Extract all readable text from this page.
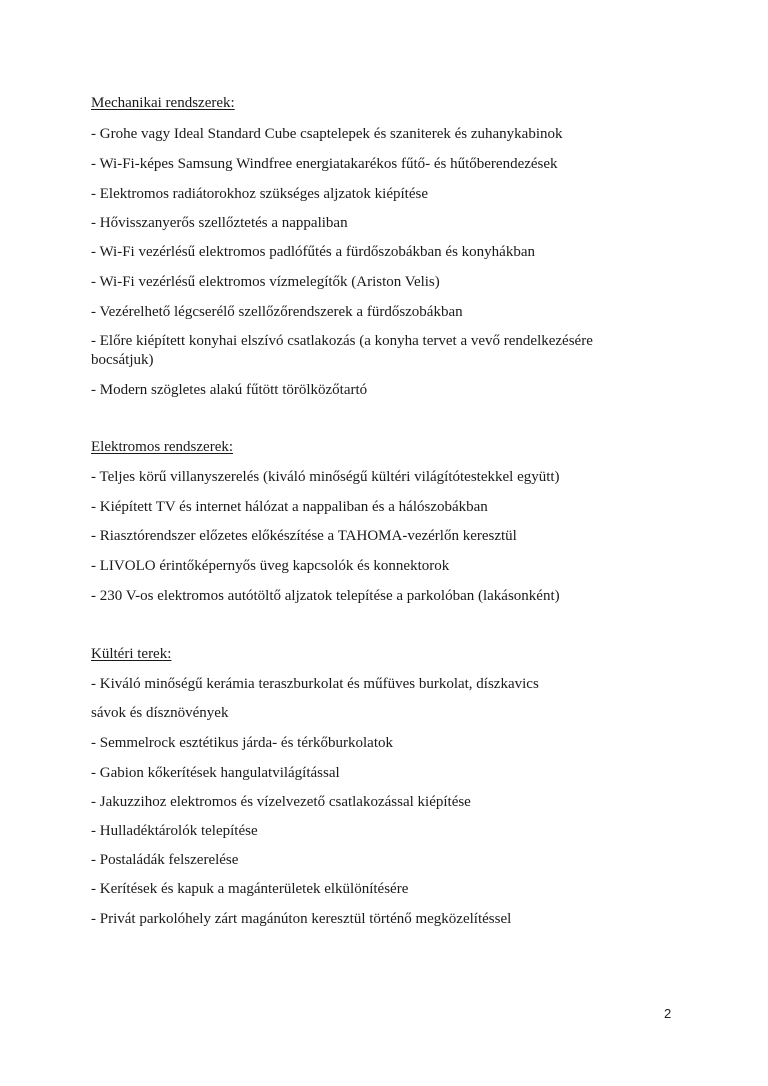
Mechanikai rendszerek:
- Grohe vagy Ideal Standard Cube csaptelepek és szaniterek és zuhanykabinok
- Wi-Fi-képes Samsung Windfree energiatakarékos fűtő- és hűtőberendezések
- Elektromos radiátorokhoz szükséges aljzatok kiépítése
- Hővisszanyerős szellőztetés a nappaliban
- Wi-Fi vezérlésű elektromos padlófűtés a fürdőszobákban és konyhákban
- Wi-Fi vezérlésű elektromos vízmelegítők (Ariston Velis)
- Vezérelhető légcserélő szellőzőrendszerek a fürdőszobákban
- Előre kiépített konyhai elszívó csatlakozás (a konyha tervet a vevő rendelkezésére
bocsátjuk)
- Modern szögletes alakú fűtött törölközőtartó
Elektromos rendszerek:
- Teljes körű villanyszerelés (kiváló minőségű kültéri világítótestekkel együtt)
- Kiépített TV és internet hálózat a nappaliban és a hálószobákban
- Riasztórendszer előzetes előkészítése a TAHOMA-vezérlőn keresztül
- LIVOLO érintőképernyős üveg kapcsolók és konnektorok
- 230 V-os elektromos autótöltő aljzatok telepítése a parkolóban (lakásonként)
Kültéri terek:
- Kiváló minőségű kerámia teraszburkolat és műfüves burkolat, díszkavics
sávok és dísznövények
- Semmelrock esztétikus járda- és térkőburkolatok
- Gabion kőkerítések hangulatvilágítással
- Jakuzzihoz elektromos és vízelvezető csatlakozással kiépítése
- Hulladéktárolók telepítése
- Postaládák felszerelése
- Kerítések és kapuk a magánterületek elkülönítésére
- Privát parkolóhely zárt magánúton keresztül történő megközelítéssel
2
